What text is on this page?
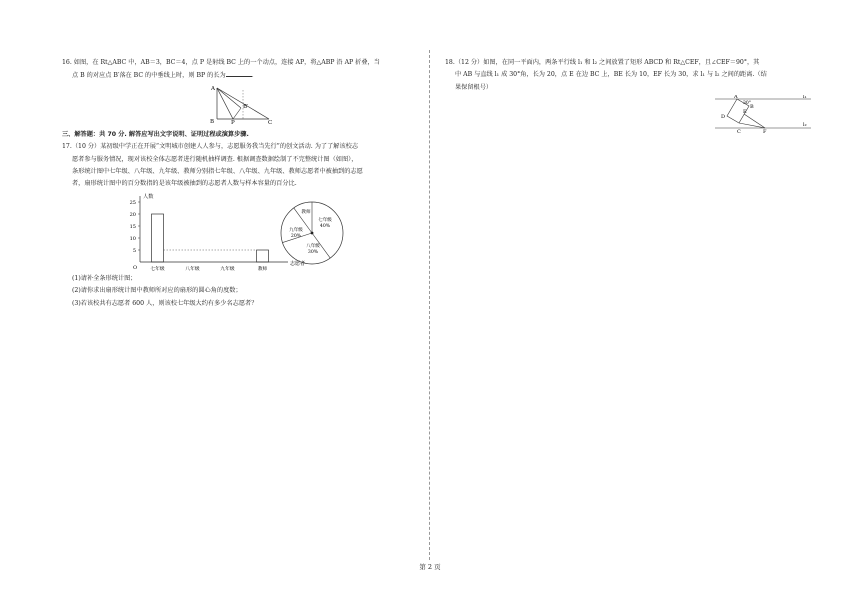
16. 如图，在 Rt△ABC 中，AB＝3，BC＝4，点 P 是射线 BC 上的一个动点，连接 AP，将△ABP 沿 AP 折叠，当

点 B 的对应点 B′落在 BC 的中垂线上时，则 BP 的长为	．

A
B	P	C
B′
三、解答题：共 70 分. 解答应写出文字说明、证明过程或演算步骤.

17.（10 分）某初级中学正在开展“文明城市创建人人参与，志愿服务我当先行”的创文活动. 为了了解该校志

愿者参与服务情况，现对该校全体志愿者进行随机抽样调查. 根据调查数据绘制了不完整统计图（如图），

条形统计图中七年级、八年级、九年级、教师分别指七年级、八年级、九年级、教师志愿者中被抽到的志愿

者，扇形统计图中的百分数指的是该年级被抽到的志愿者人数与样本容量的百分比.

人数
志愿者
O
5
10
15
20
25
七年级	八年级	九年级	教师
七年级
40%
八年级
30%
九年级
20%
教师

(1)请补全条形统计图；

(2)请你求出扇形统计图中教师所对应的扇形的圆心角的度数；

(3)若该校共有志愿者 600 人，则该校七年级大约有多少名志愿者？

18.（12 分）如图，在同一平面内，两条平行线 l₁ 和 l₂ 之间放置了矩形 ABCD 和 Rt△CEF，且∠CEF＝90°，其

中 AB 与直线 l₁ 成 30°角，长为 20，点 E 在边 BC 上，BE 长为 10，EF 长为 30，求 l₁ 与 l₂ 之间的距离.（结

果保留根号）

A
30°
B
E
D
C	F
l₁
l₂
第 2 页
